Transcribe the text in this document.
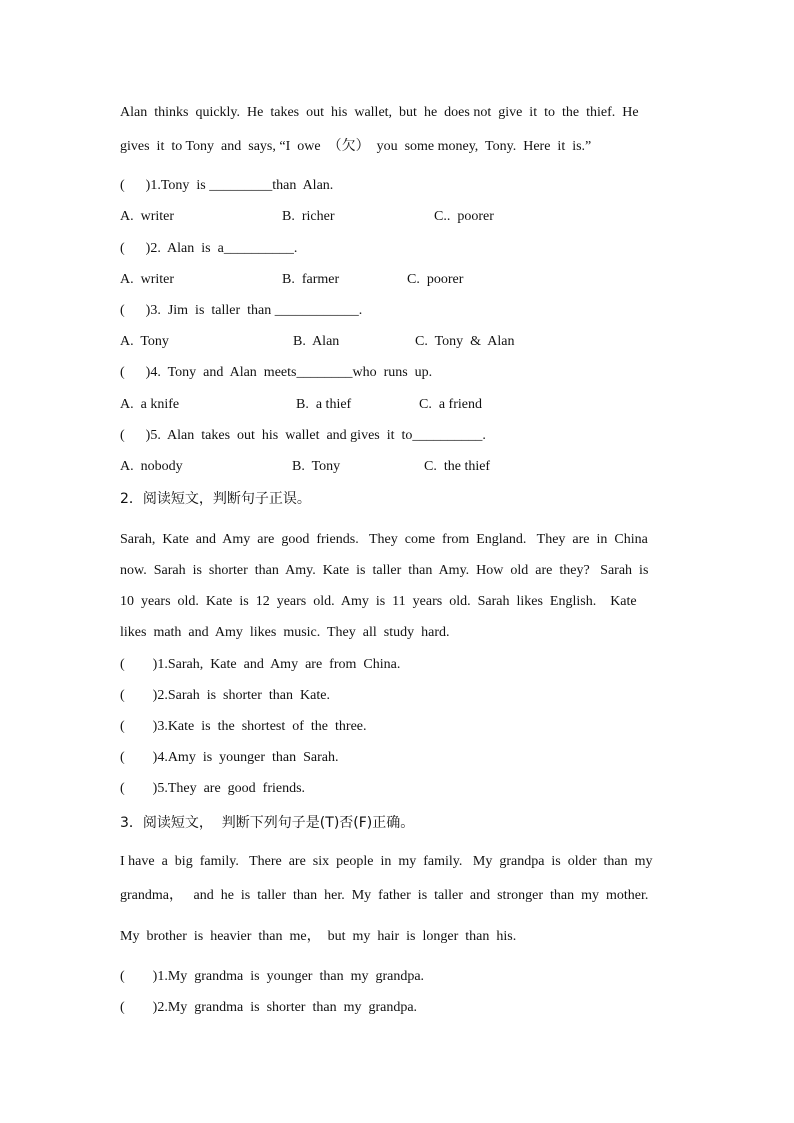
Alan  thinks  quickly.  He  takes  out  his  wallet,  but  he  does not  give  it  to  the  thief.  He
gives  it  to Tony  and  says, “I  owe  （欠）  you  some money,  Tony.  Here  it  is.”
(      )1.Tony  is _________than  Alan.
A.  writer	B.  richer	C..  poorer
(      )2.  Alan  is  a__________.
A.  writer	B.  farmer	C.  poorer
(      )3.  Jim  is  taller  than ____________.
A.  Tony	B.  Alan	C.  Tony  &  Alan
(      )4.  Tony  and  Alan  meets________who  runs  up.
A.  a knife	B.  a thief	C.  a friend
(      )5.  Alan  takes  out  his  wallet  and gives  it  to__________.
A.  nobody	B.  Tony	C.  the thief
2．阅读短文，判断句子正误。
Sarah,  Kate  and  Amy  are  good  friends.   They  come  from  England.   They  are  in  China
now.  Sarah  is  shorter  than  Amy.  Kate  is  taller  than  Amy.  How  old  are  they?   Sarah  is
10  years  old.  Kate  is  12  years  old.  Amy  is  11  years  old.  Sarah  likes  English.    Kate
likes  math  and  Amy  likes  music.  They  all  study  hard.
(        )1.Sarah,  Kate  and  Amy  are  from  China.
(        )2.Sarah  is  shorter  than  Kate.
(        )3.Kate  is  the  shortest  of  the  three.
(        )4.Amy  is  younger  than  Sarah.
(        )5.They  are  good  friends.
3．阅读短文，  判断下列句子是(T)否(F)正确。
I have  a  big  family.   There  are  six  people  in  my  family.   My  grandpa  is  older  than  my
grandma，   and  he  is  taller  than  her.  My  father  is  taller  and  stronger  than  my  mother.
My  brother  is  heavier  than  me，  but  my  hair  is  longer  than  his.
(        )1.My  grandma  is  younger  than  my  grandpa.
(        )2.My  grandma  is  shorter  than  my  grandpa.
